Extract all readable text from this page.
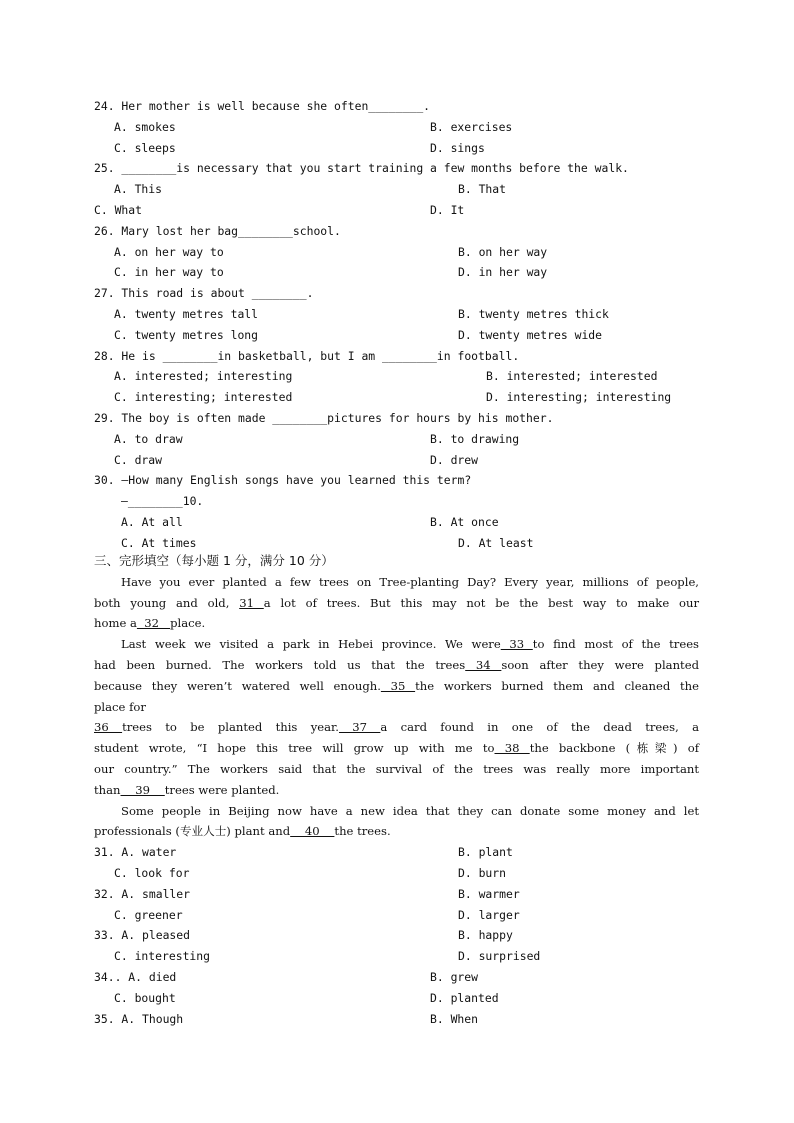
24. Her mother is well because she often________.
A. smokes	B. exercises
C. sleeps	D. sings
25. ________is necessary that you start training a few months before the walk.
A. This	B. That
C. What	D. It
26. Mary lost her bag________school.
A. on her way to	B. on her way
C. in her way to	D. in her way
27. This road is about ________.
A. twenty metres tall	B. twenty metres thick
C. twenty metres long	D. twenty metres wide
28. He is ________in basketball, but I am ________in football.
A. interested; interesting	B. interested; interested
C. interesting; interested	D. interesting; interesting
29. The boy is often made ________pictures for hours by his mother.
A. to draw	B. to drawing
C. draw	D. drew
30. —How many English songs have you learned this term?
—________10.
A. At all	B. At once
C. At times	D. At least
三、完形填空（每小题 1 分，满分 10 分）
Have you ever planted a few trees on Tree-planting Day? Every year, millions of people,
both young and old, 31 a lot of trees. But this may not be the best way to make our
home a  32   place.
Last week we visited a park in Hebei province. We were 33 to find most of the trees
had been burned. The workers told us that the trees 34 soon after they were planted
because they weren’t watered well enough. 35 the workers burned them and cleaned the
place for
36 trees to be planted this year. 37 a card found in one of the dead trees, a
student wrote, “I hope this tree will grow up with me to 38 the backbone (栋梁) of
our country.” The workers said that the survival of the trees was really more important
than    39    trees were planted.
Some people in Beijing now have a new idea that they can donate some money and let
professionals (专业人士) plant and    40    the trees.
31. A. water	B. plant
C. look for	D. burn
32. A. smaller	B. warmer
C. greener	D. larger
33. A. pleased	B. happy
C. interesting	D. surprised
34.. A. died	B. grew
C. bought	D. planted
35. A. Though	B. When
